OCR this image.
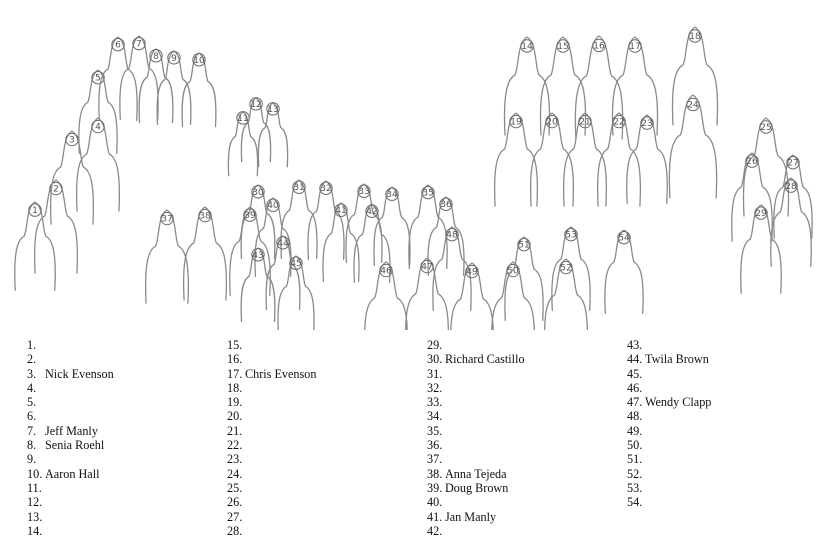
1
2
3
4
5
6 7
8 9 10
11
12 13
14	15	16	17
18
19	20 21	22 23
24
25
26	27
28
29
30	31 32	33 34	35
36
37	38	39
40	41 42
43
44
45
46	47
48
49	50
51
52
53	54
1.
2.
3. Nick Evenson
4.
5.
6.
7. Jeff Manly
8. Senia Roehl
9.
10. Aaron Hall
11.
12.
13.
14.
15.
16.
17. Chris Evenson
18.
19.
20.
21.
22.
23.
24.
25.
26.
27.
28.
29.
30. Richard Castillo
31.
32.
33.
34.
35.
36.
37.
38. Anna Tejeda
39. Doug Brown
40.
41. Jan Manly
42.
43.
44. Twila Brown
45.
46.
47. Wendy Clapp
48.
49.
50.
51.
52.
53.
54.
